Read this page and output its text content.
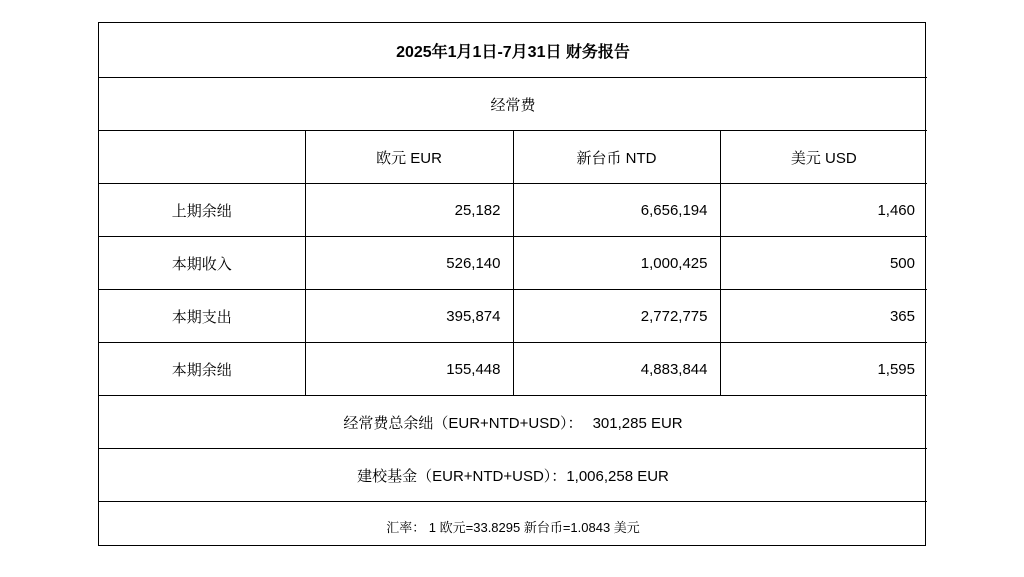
2025年1月1日-7月31日 财务报告			
经常费			
	欧元 EUR	新台币 NTD	美元 USD
上期余绌	25,182	6,656,194	1,460
本期收入	526,140	1,000,425	500
本期支出	395,874	2,772,775	365
本期余绌	155,448	4,883,844	1,595
经常费总余绌（EUR+NTD+USD）： 301,285 EUR			
建校基金（EUR+NTD+USD）：1,006,258 EUR			
汇率： 1 欧元=33.8295 新台币=1.0843 美元			
